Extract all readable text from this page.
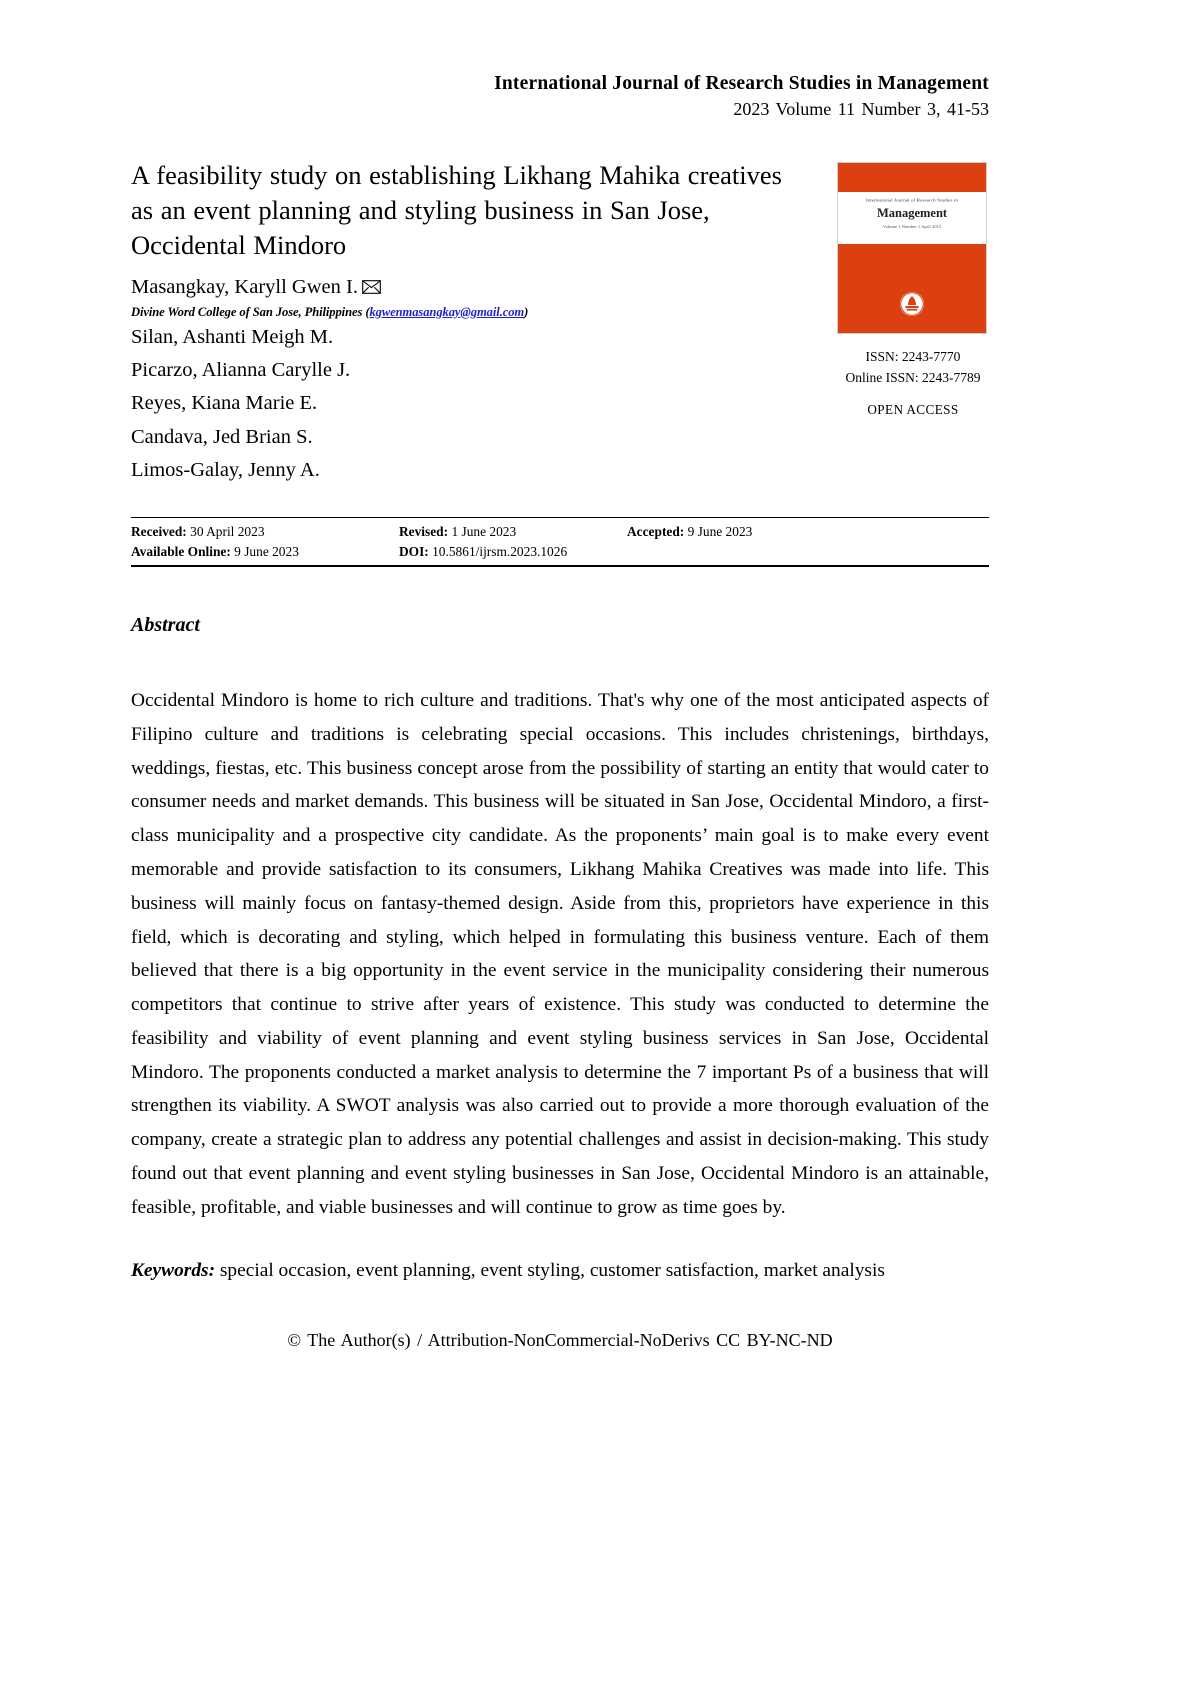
International Journal of Research Studies in Management
2023 Volume 11 Number 3, 41-53
A feasibility study on establishing Likhang Mahika creatives as an event planning and styling business in San Jose, Occidental Mindoro
Masangkay, Karyll Gwen I.
Divine Word College of San Jose, Philippines (kgwenmasangkay@gmail.com)
Silan, Ashanti Meigh M.
Picarzo, Alianna Carylle J.
Reyes, Kiana Marie E.
Candava, Jed Brian S.
Limos-Galay, Jenny A.
International Journal of Research Studies in
Management
Volume 1 Number 1 April 2012
ISSN: 2243-7770
Online ISSN: 2243-7789
OPEN ACCESS
Received: 30 April 2023	Revised: 1 June 2023	Accepted: 9 June 2023
Available Online: 9 June 2023	DOI: 10.5861/ijrsm.2023.1026
Abstract
Occidental Mindoro is home to rich culture and traditions. That's why one of the most anticipated aspects of Filipino culture and traditions is celebrating special occasions. This includes christenings, birthdays, weddings, fiestas, etc. This business concept arose from the possibility of starting an entity that would cater to consumer needs and market demands. This business will be situated in San Jose, Occidental Mindoro, a first-class municipality and a prospective city candidate. As the proponents’ main goal is to make every event memorable and provide satisfaction to its consumers, Likhang Mahika Creatives was made into life. This business will mainly focus on fantasy-themed design. Aside from this, proprietors have experience in this field, which is decorating and styling, which helped in formulating this business venture. Each of them believed that there is a big opportunity in the event service in the municipality considering their numerous competitors that continue to strive after years of existence. This study was conducted to determine the feasibility and viability of event planning and event styling business services in San Jose, Occidental Mindoro. The proponents conducted a market analysis to determine the 7 important Ps of a business that will strengthen its viability. A SWOT analysis was also carried out to provide a more thorough evaluation of the company, create a strategic plan to address any potential challenges and assist in decision-making. This study found out that event planning and event styling businesses in San Jose, Occidental Mindoro is an attainable, feasible, profitable, and viable businesses and will continue to grow as time goes by.
Keywords: special occasion, event planning, event styling, customer satisfaction, market analysis
© The Author(s) / Attribution-NonCommercial-NoDerivs CC BY-NC-ND
